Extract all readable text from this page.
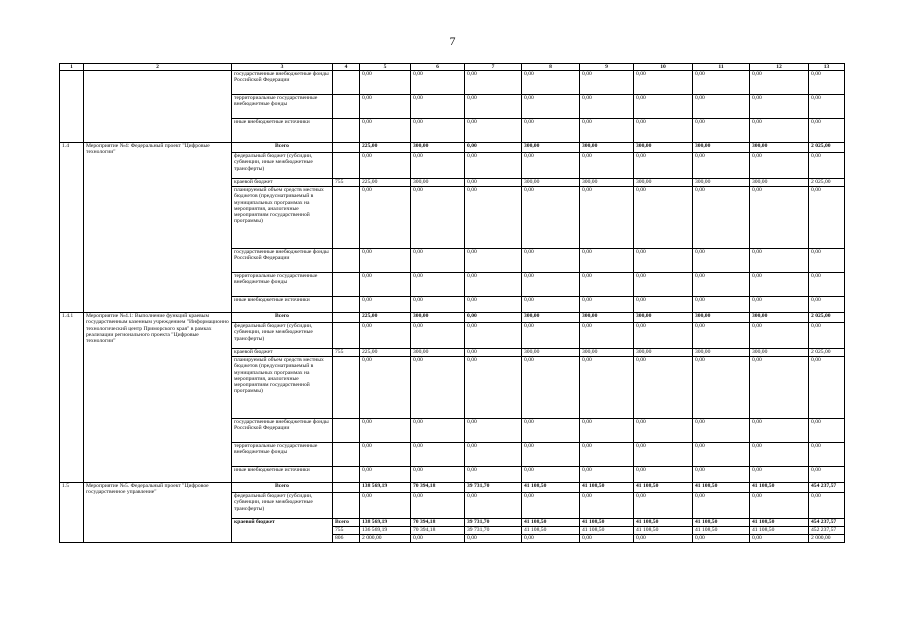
7
1	2	3	4	5	6	7	8	9	10	11	12	13
		государственные внебюджетные фонды Российской Федерации		0,00	0,00	0,00	0,00	0,00	0,00	0,00	0,00	0,00
		территориальные государственные внебюджетные фонды		0,00	0,00	0,00	0,00	0,00	0,00	0,00	0,00	0,00
		иные внебюджетные источники		0,00	0,00	0,00	0,00	0,00	0,00	0,00	0,00	0,00
1.4	Мероприятие №4: Федеральный проект "Цифровые технологии"	Всего		225,00	300,00	0,00	300,00	300,00	300,00	300,00	300,00	2 025,00
		федеральный бюджет (субсидии, субвенции, иные межбюджетные трансферты)		0,00	0,00	0,00	0,00	0,00	0,00	0,00	0,00	0,00
		краевой бюджет	755	225,00	300,00	0,00	300,00	300,00	300,00	300,00	300,00	2 025,00
		планируемый объем средств местных бюджетов (предусматриваемый в муниципальных программах на мероприятия, аналогичные мероприятиям государственной программы)		0,00	0,00	0,00	0,00	0,00	0,00	0,00	0,00	0,00
		государственные внебюджетные фонды Российской Федерации		0,00	0,00	0,00	0,00	0,00	0,00	0,00	0,00	0,00
		территориальные государственные внебюджетные фонды		0,00	0,00	0,00	0,00	0,00	0,00	0,00	0,00	0,00
		иные внебюджетные источники		0,00	0,00	0,00	0,00	0,00	0,00	0,00	0,00	0,00
1.4.1	Мероприятие №4.1: Выполнение функций краевым государственным казенным учреждением "Информационно технологический центр Приморского края" в рамках реализации регионального проекта "Цифровые технологии"	Всего		225,00	300,00	0,00	300,00	300,00	300,00	300,00	300,00	2 025,00
		федеральный бюджет (субсидии, субвенции, иные межбюджетные трансферты)		0,00	0,00	0,00	0,00	0,00	0,00	0,00	0,00	0,00
		краевой бюджет	755	225,00	300,00	0,00	300,00	300,00	300,00	300,00	300,00	2 025,00
		планируемый объем средств местных бюджетов (предусматриваемый в муниципальных программах на мероприятия, аналогичные мероприятиям государственной программы)		0,00	0,00	0,00	0,00	0,00	0,00	0,00	0,00	0,00
		государственные внебюджетные фонды Российской Федерации		0,00	0,00	0,00	0,00	0,00	0,00	0,00	0,00	0,00
		территориальные государственные внебюджетные фонды		0,00	0,00	0,00	0,00	0,00	0,00	0,00	0,00	0,00
		иные внебюджетные источники		0,00	0,00	0,00	0,00	0,00	0,00	0,00	0,00	0,00
1.5	Мероприятие №5. Федеральный проект "Цифровое государственное управление"	Всего		138 569,19	70 394,18	39 731,70	41 108,50	41 108,50	41 108,50	41 108,50	41 108,50	454 237,57
		федеральный бюджет (субсидии, субвенции, иные межбюджетные трансферты)		0,00	0,00	0,00	0,00	0,00	0,00	0,00	0,00	0,00
		краевой бюджет	Всего	138 569,19	70 394,18	39 731,70	41 108,50	41 108,50	41 108,50	41 108,50	41 108,50	454 237,57
			755	136 569,19	70 394,18	39 731,70	41 108,50	41 108,50	41 108,50	41 108,50	41 108,50	452 237,57
			806	2 000,00	0,00	0,00	0,00	0,00	0,00	0,00	0,00	2 000,00
